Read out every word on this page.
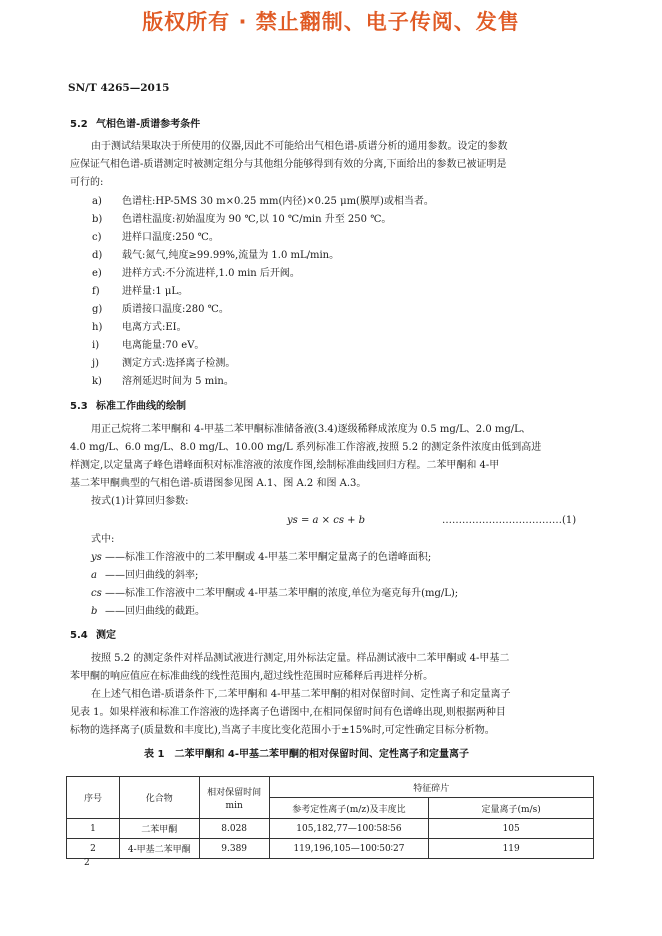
版权所有 · 禁止翻制、电子传阅、发售
SN/T 4265—2015
5.2 气相色谱-质谱参考条件
由于测试结果取决于所使用的仪器,因此不可能给出气相色谱-质谱分析的通用参数。设定的参数
应保证气相色谱-质谱测定时被测定组分与其他组分能够得到有效的分离,下面给出的参数已被证明是
可行的:
a) 色谱柱:HP-5MS 30 m×0.25 mm(内径)×0.25 μm(膜厚)或相当者。
b) 色谱柱温度:初始温度为 90 ℃,以 10 ℃/min 升至 250 ℃。
c) 进样口温度:250 ℃。
d) 载气:氮气,纯度≥99.99%,流量为 1.0 mL/min。
e) 进样方式:不分流进样,1.0 min 后开阀。
f) 进样量:1 μL。
g) 质谱接口温度:280 ℃。
h) 电离方式:EI。
i) 电离能量:70 eV。
j) 测定方式:选择离子检测。
k) 溶剂延迟时间为 5 min。
5.3 标准工作曲线的绘制
用正己烷将二苯甲酮和 4-甲基二苯甲酮标准储备液(3.4)逐级稀释成浓度为 0.5 mg/L、2.0 mg/L、
4.0 mg/L、6.0 mg/L、8.0 mg/L、10.00 mg/L 系列标准工作溶液,按照 5.2 的测定条件浓度由低到高进
样测定,以定量离子峰色谱峰面积对标准溶液的浓度作图,绘制标准曲线回归方程。二苯甲酮和 4-甲
基二苯甲酮典型的气相色谱-质谱图参见图 A.1、图 A.2 和图 A.3。
按式(1)计算回归参数:
ys = a × cs + b	………………………………(1)
式中:
ys ——标准工作溶液中的二苯甲酮或 4-甲基二苯甲酮定量离子的色谱峰面积;
a ——回归曲线的斜率;
cs ——标准工作溶液中二苯甲酮或 4-甲基二苯甲酮的浓度,单位为毫克每升(mg/L);
b ——回归曲线的截距。
5.4 测定
按照 5.2 的测定条件对样品测试液进行测定,用外标法定量。样品测试液中二苯甲酮或 4-甲基二
苯甲酮的响应值应在标准曲线的线性范围内,超过线性范围时应稀释后再进样分析。
在上述气相色谱-质谱条件下,二苯甲酮和 4-甲基二苯甲酮的相对保留时间、定性离子和定量离子
见表 1。如果样液和标准工作溶液的选择离子色谱图中,在相同保留时间有色谱峰出现,则根据两种目
标物的选择离子(质量数和丰度比),当离子丰度比变化范围小于±15%时,可定性确定目标分析物。
表 1　二苯甲酮和 4-甲基二苯甲酮的相对保留时间、定性离子和定量离子
序号	化合物	相对保留时间
min	特征碎片	
			参考定性离子(m/z)及丰度比	定量离子(m/s)
1	二苯甲酮	8.028	105,182,77—100∶58∶56	105
2	4-甲基二苯甲酮	9.389	119,196,105—100∶50∶27	119
2
